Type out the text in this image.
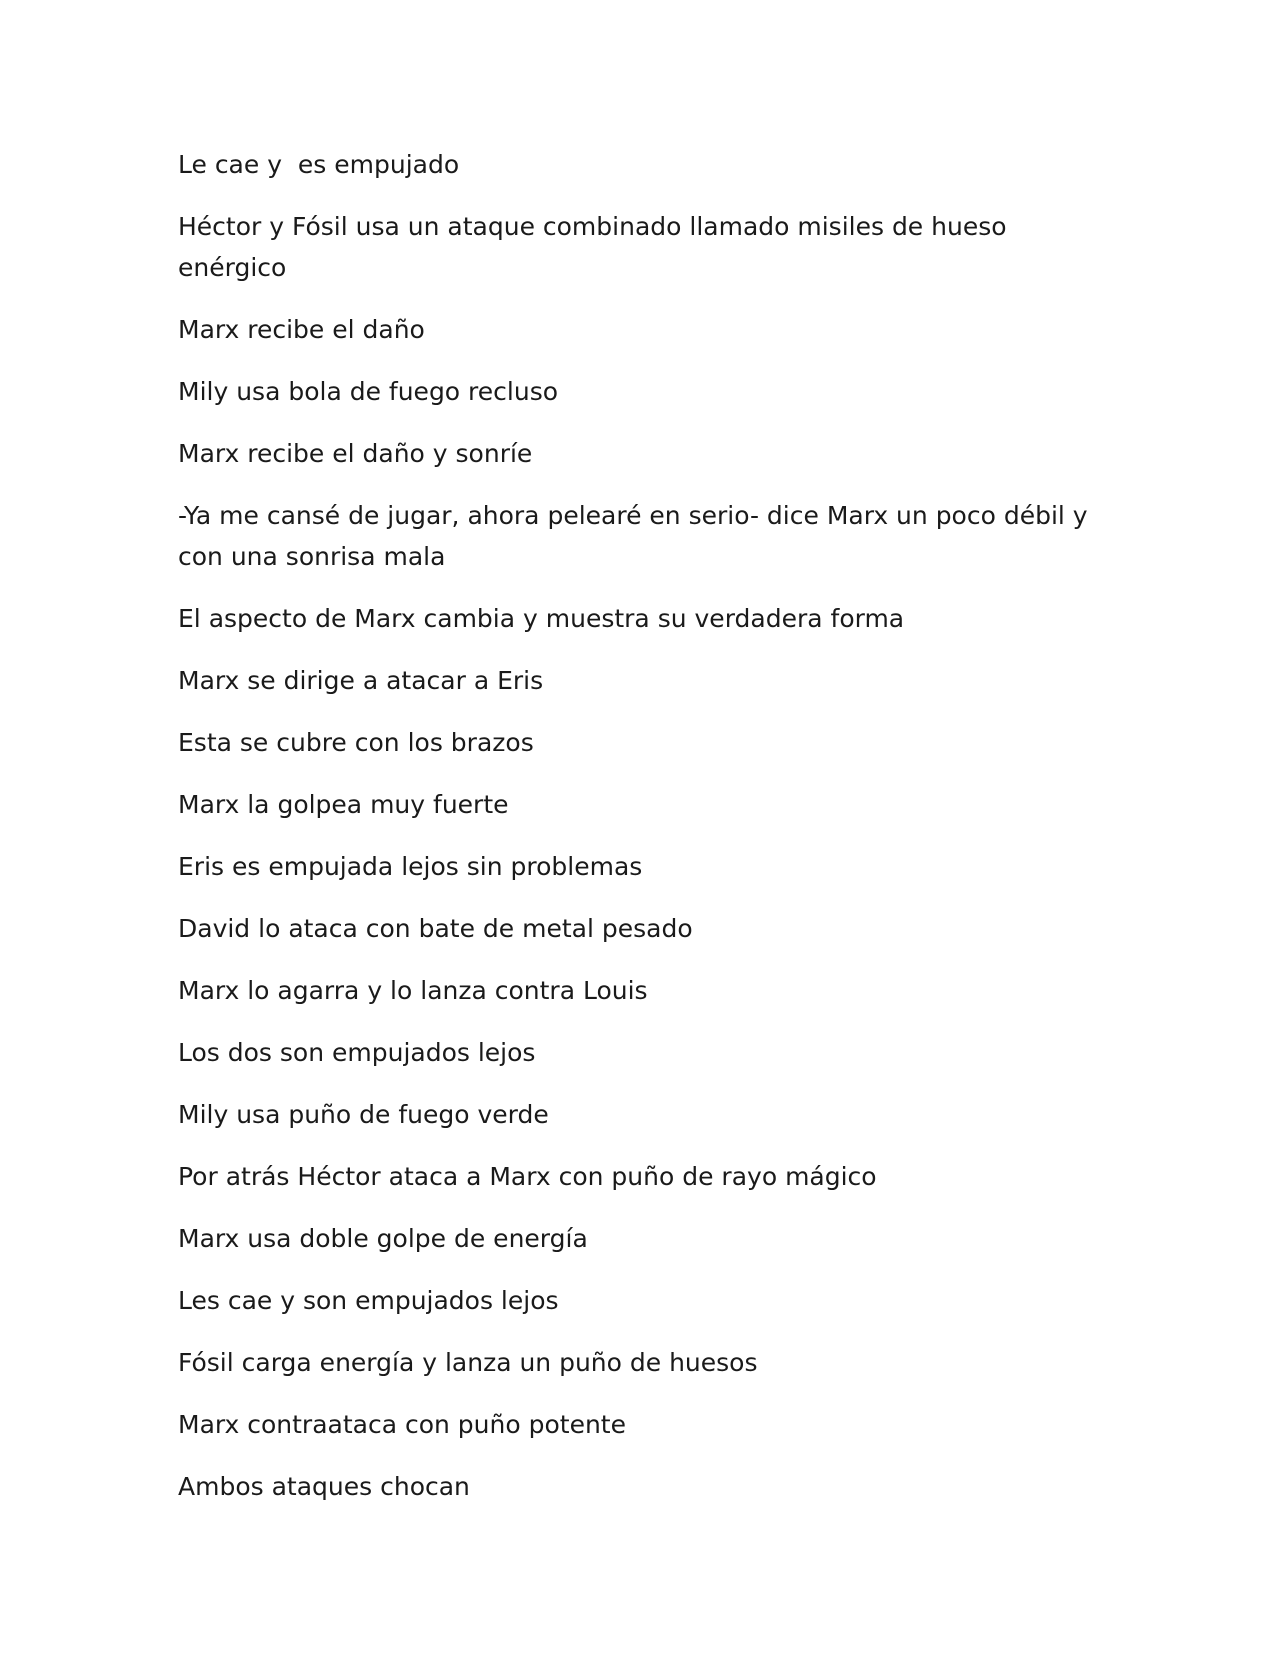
Le cae y  es empujado

Héctor y Fósil usa un ataque combinado llamado misiles de hueso enérgico

Marx recibe el daño

Mily usa bola de fuego recluso

Marx recibe el daño y sonríe

-Ya me cansé de jugar, ahora pelearé en serio- dice Marx un poco débil y con una sonrisa mala

El aspecto de Marx cambia y muestra su verdadera forma

Marx se dirige a atacar a Eris

Esta se cubre con los brazos

Marx la golpea muy fuerte

Eris es empujada lejos sin problemas

David lo ataca con bate de metal pesado

Marx lo agarra y lo lanza contra Louis

Los dos son empujados lejos

Mily usa puño de fuego verde

Por atrás Héctor ataca a Marx con puño de rayo mágico

Marx usa doble golpe de energía

Les cae y son empujados lejos

Fósil carga energía y lanza un puño de huesos

Marx contraataca con puño potente

Ambos ataques chocan
